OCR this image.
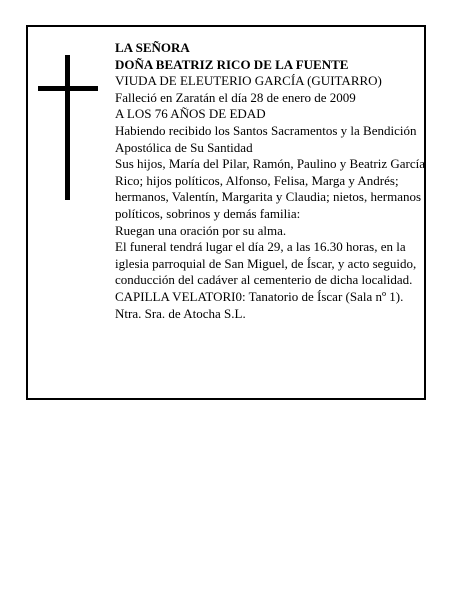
LA SEÑORA

DOÑA BEATRIZ RICO DE LA FUENTE

VIUDA DE ELEUTERIO GARCÍA (GUITARRO)

Falleció en Zaratán el día 28 de enero de 2009

A LOS 76 AÑOS DE EDAD

Habiendo recibido los Santos Sacramentos y la Bendición Apostólica de Su Santidad

Sus hijos, María del Pilar, Ramón, Paulino y Beatriz García Rico; hijos políticos, Alfonso, Felisa, Marga y Andrés; hermanos, Valentín, Margarita y Claudia; nietos, hermanos políticos, sobrinos y demás familia:

Ruegan una oración por su alma.

El funeral tendrá lugar el día 29, a las 16.30 horas, en la iglesia parroquial de San Miguel, de Íscar, y acto seguido, conducción del cadáver al cementerio de dicha localidad.

CAPILLA VELATORI0: Tanatorio de Íscar (Sala nº 1).

Ntra. Sra. de Atocha S.L.
